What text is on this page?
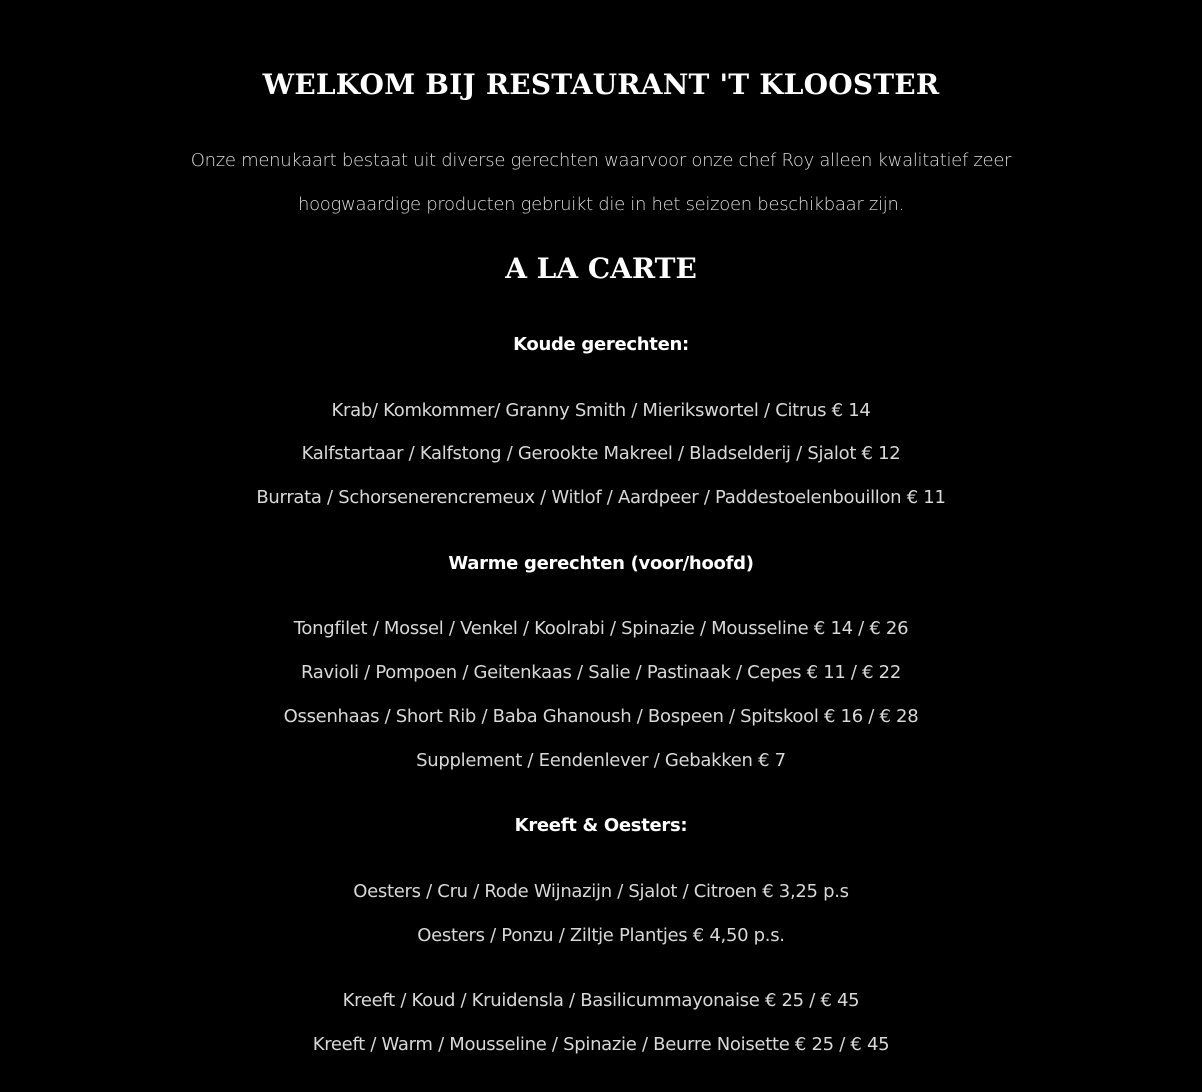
WELKOM BIJ RESTAURANT 'T KLOOSTER
Onze menukaart bestaat uit diverse gerechten waarvoor onze chef Roy alleen kwalitatief zeer
hoogwaardige producten gebruikt die in het seizoen beschikbaar zijn.
A LA CARTE
Koude gerechten:
Krab/ Komkommer/ Granny Smith / Mierikswortel / Citrus € 14
Kalfstartaar / Kalfstong / Gerookte Makreel / Bladselderij / Sjalot € 12
Burrata / Schorsenerencremeux / Witlof / Aardpeer / Paddestoelenbouillon € 11
Warme gerechten (voor/hoofd)
Tongfilet / Mossel / Venkel / Koolrabi / Spinazie / Mousseline € 14 / € 26
Ravioli / Pompoen / Geitenkaas / Salie / Pastinaak / Cepes € 11 / € 22
Ossenhaas / Short Rib / Baba Ghanoush / Bospeen / Spitskool € 16 / € 28
Supplement / Eendenlever / Gebakken € 7
Kreeft & Oesters:
Oesters / Cru / Rode Wijnazijn / Sjalot / Citroen € 3,25 p.s
Oesters / Ponzu / Ziltje Plantjes € 4,50 p.s.
Kreeft / Koud / Kruidensla / Basilicummayonaise € 25 / € 45
Kreeft / Warm / Mousseline / Spinazie / Beurre Noisette € 25 / € 45
